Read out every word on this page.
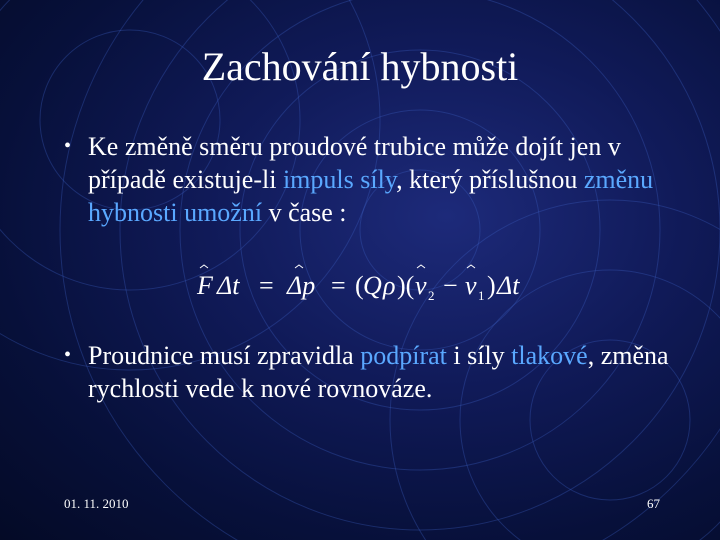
Zachování hybnosti
• Ke změně směru proudové trubice může dojít jen v případě existuje-li impuls síly, který příslušnou změnu hybnosti umožní v čase :
F Δt = Δp = ( Q ρ )( v 2 − v 1 ) Δt
• Proudnice musí zpravidla podpírat i síly tlakové, změna rychlosti vede k nové rovnováze.
01. 11. 2010	67
